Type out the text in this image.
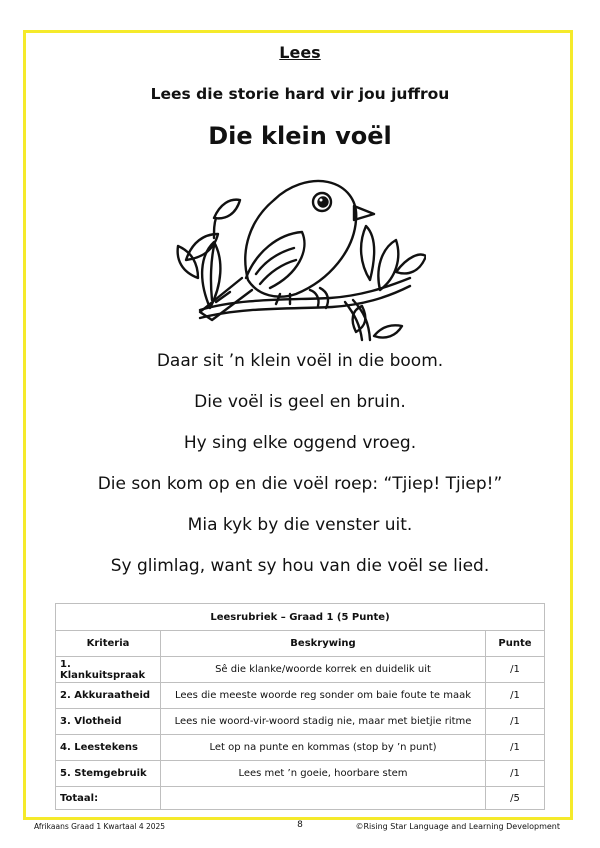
Lees
Lees die storie hard vir jou juffrou
Die klein voël
Daar sit ’n klein voël in die boom.
Die voël is geel en bruin.
Hy sing elke oggend vroeg.
Die son kom op en die voël roep: “Tjiep! Tjiep!”
Mia kyk by die venster uit.
Sy glimlag, want sy hou van die voël se lied.
Leesrubriek – Graad 1 (5 Punte)		
Kriteria	Beskrywing	Punte
1. Klankuitspraak	Sê die klanke/woorde korrek en duidelik uit	/1
2. Akkuraatheid	Lees die meeste woorde reg sonder om baie foute te maak	/1
3. Vlotheid	Lees nie woord-vir-woord stadig nie, maar met bietjie ritme	/1
4. Leestekens	Let op na punte en kommas (stop by ’n punt)	/1
5. Stemgebruik	Lees met ’n goeie, hoorbare stem	/1
Totaal:		/5
Afrikaans Graad 1 Kwartaal 4 2025	8	©Rising Star Language and Learning Development
